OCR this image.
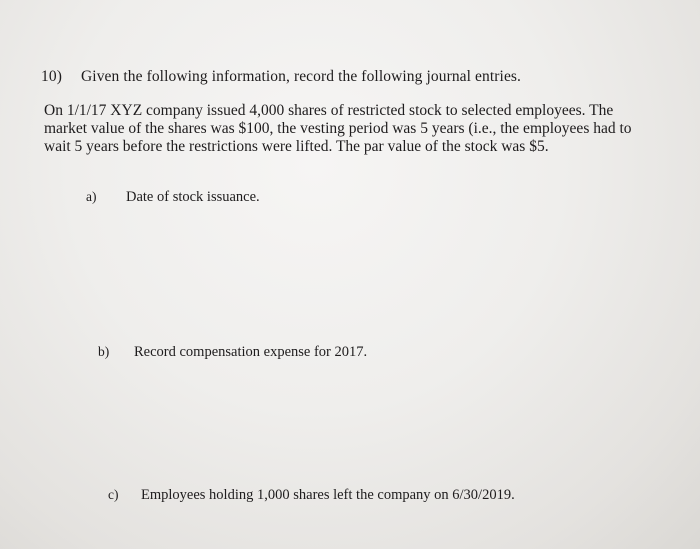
10) Given the following information, record the following journal entries.
On 1/1/17 XYZ company issued 4,000 shares of restricted stock to selected employees. The
market value of the shares was $100, the vesting period was 5 years (i.e., the employees had to
wait 5 years before the restrictions were lifted. The par value of the stock was $5.
a) Date of stock issuance.
b) Record compensation expense for 2017.
c) Employees holding 1,000 shares left the company on 6/30/2019.
